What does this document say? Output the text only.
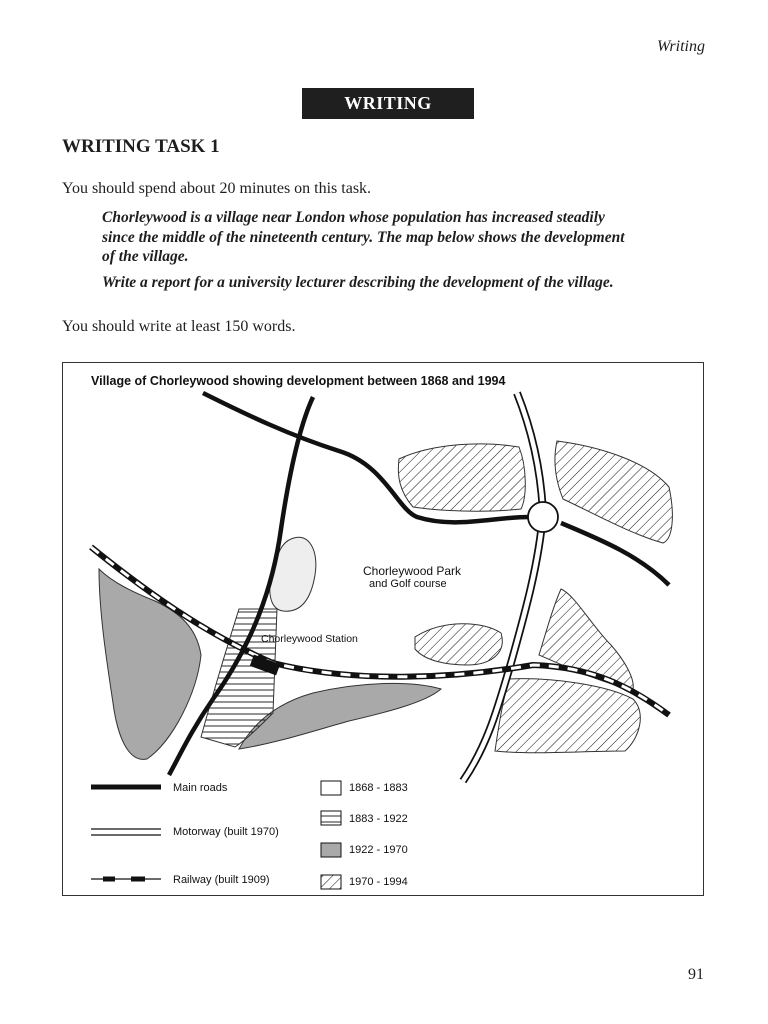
Writing
WRITING
WRITING TASK 1
You should spend about 20 minutes on this task.
Chorleywood is a village near London whose population has increased steadily since the middle of the nineteenth century. The map below shows the development of the village.
Write a report for a university lecturer describing the development of the village.
You should write at least 150 words.
Village of Chorleywood showing development between 1868 and 1994
Chorleywood Park
and Golf course
Chorleywood Station
Main roads
Motorway (built 1970)
Railway (built 1909)
1868 - 1883
1883 - 1922
1922 - 1970
1970 - 1994
91
